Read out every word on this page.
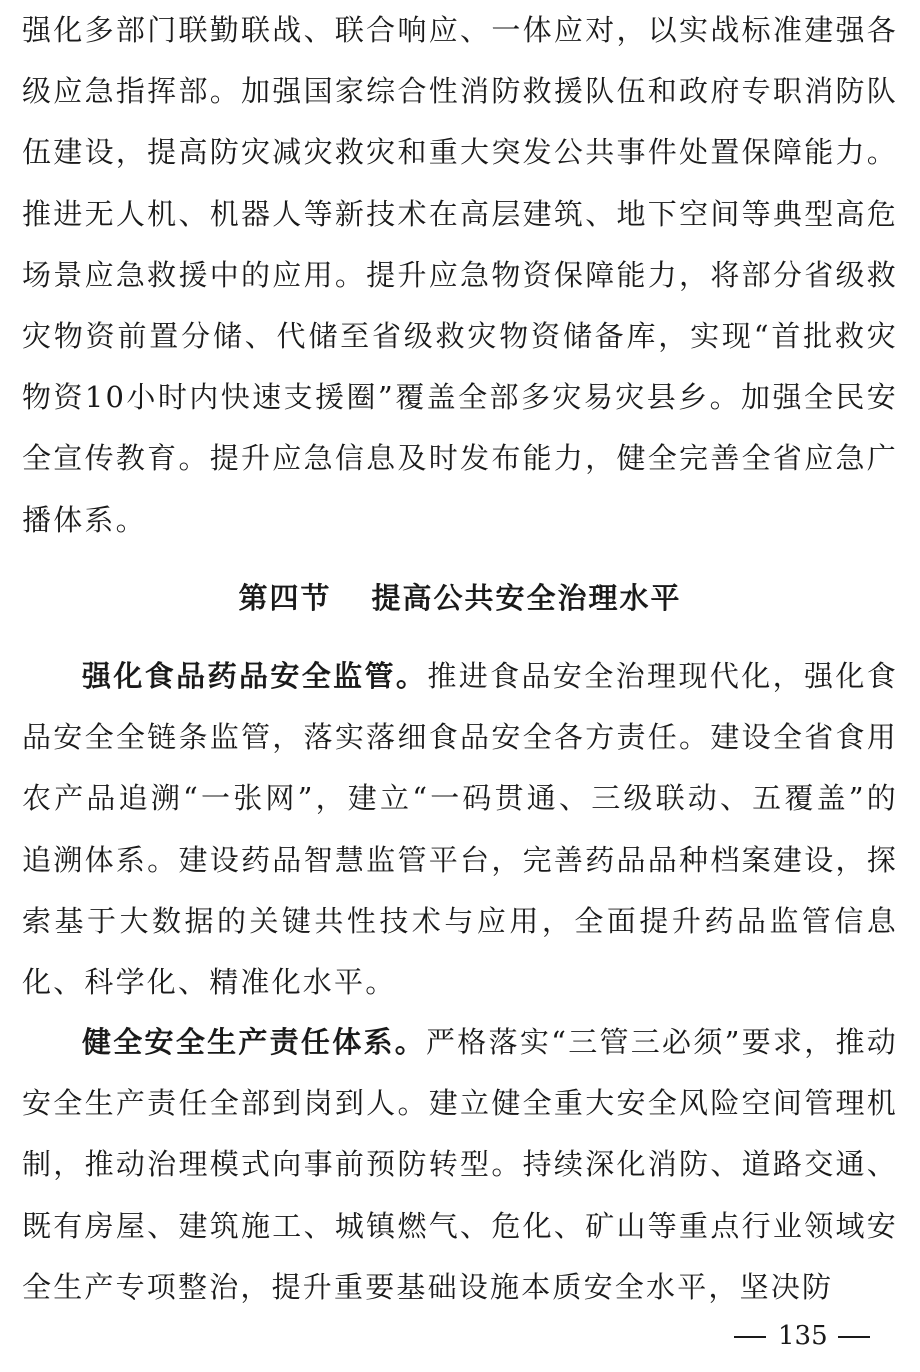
强化多部门联勤联战、联合响应、一体应对，以实战标准建强各级应急指挥部。加强国家综合性消防救援队伍和政府专职消防队伍建设，提高防灾减灾救灾和重大突发公共事件处置保障能力。推进无人机、机器人等新技术在高层建筑、地下空间等典型高危场景应急救援中的应用。提升应急物资保障能力，将部分省级救灾物资前置分储、代储至省级救灾物资储备库，实现“首批救灾物资10小时内快速支援圈”覆盖全部多灾易灾县乡。加强全民安全宣传教育。提升应急信息及时发布能力，健全完善全省应急广播体系。

第四节 提高公共安全治理水平

强化食品药品安全监管。推进食品安全治理现代化，强化食品安全全链条监管，落实落细食品安全各方责任。建设全省食用农产品追溯“一张网”，建立“一码贯通、三级联动、五覆盖”的追溯体系。建设药品智慧监管平台，完善药品品种档案建设，探索基于大数据的关键共性技术与应用，全面提升药品监管信息化、科学化、精准化水平。

健全安全生产责任体系。严格落实“三管三必须”要求，推动安全生产责任全部到岗到人。建立健全重大安全风险空间管理机制，推动治理模式向事前预防转型。持续深化消防、道路交通、既有房屋、建筑施工、城镇燃气、危化、矿山等重点行业领域安全生产专项整治，提升重要基础设施本质安全水平，坚决防

135
